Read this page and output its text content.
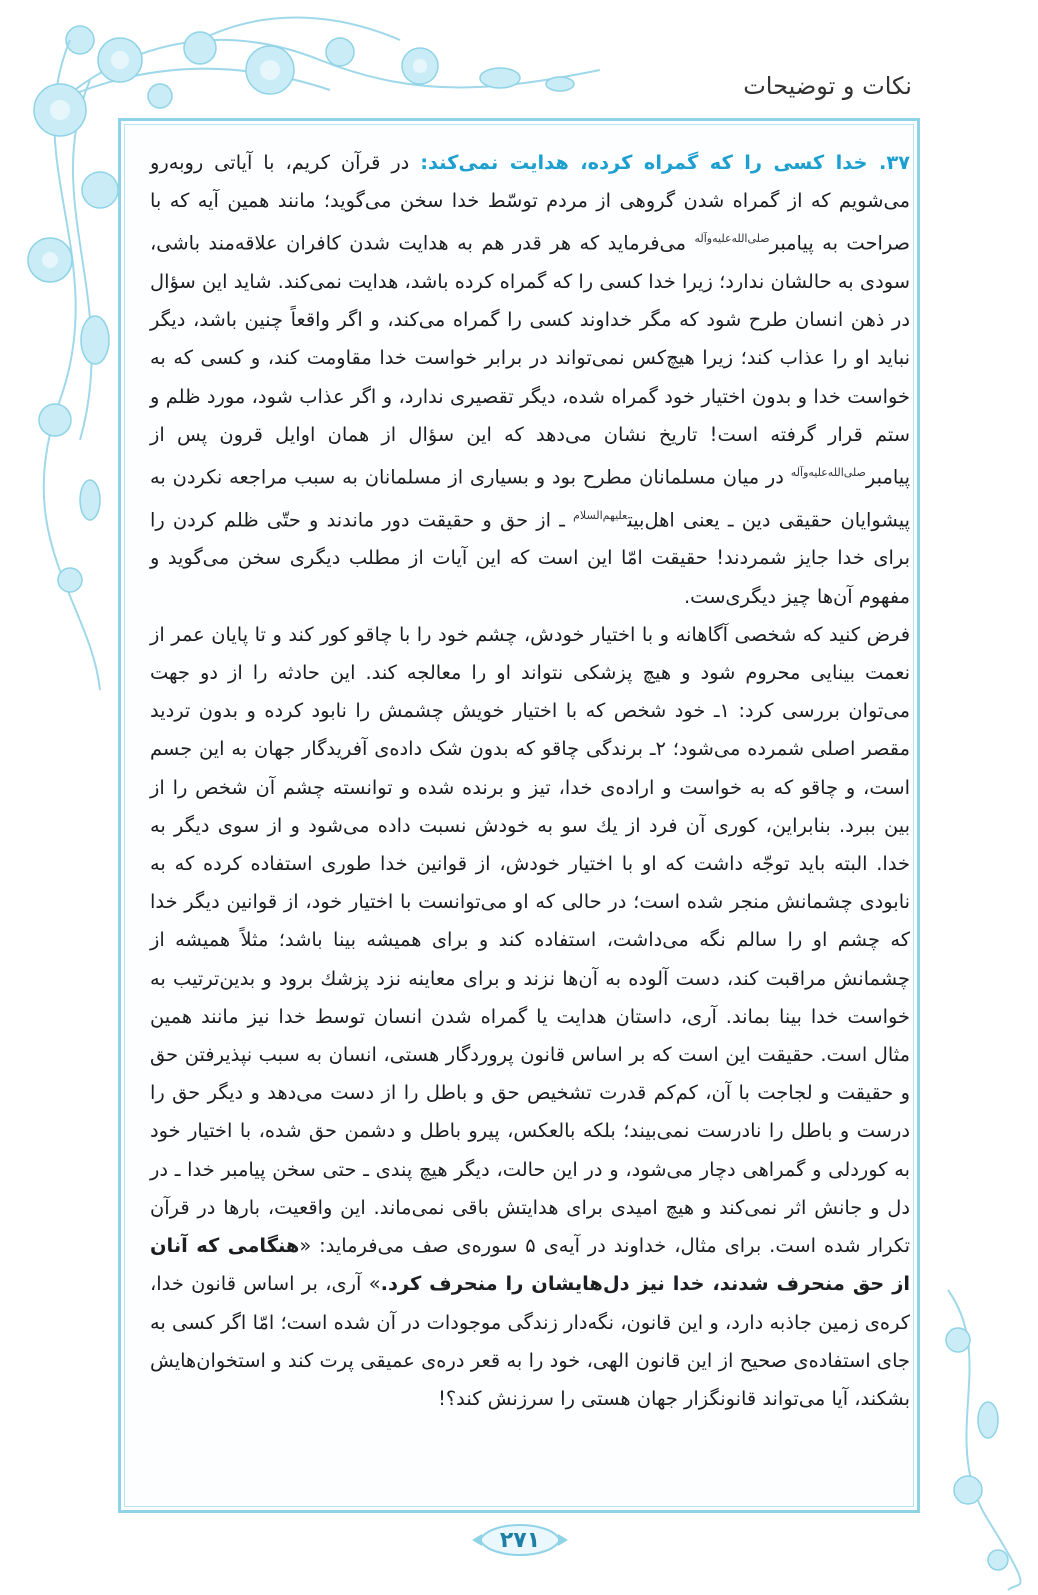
نکات و توضیحات

۳۷. خدا کسی را که گمراه کرده، هدایت نمی‌کند: در قرآن کریم، با آیاتی روبه‌رو می‌شویم که از گمراه شدن گروهی از مردم توسّط خدا سخن می‌گوید؛ مانند همین آیه که با صراحت به پیامبر$^{صلی‌الله‌علیه‌وآله}$ می‌فرماید که هر قدر هم به هدایت شدن کافران علاقه‌مند باشی، سودی به حالشان ندارد؛ زیرا خدا کسی را که گمراه کرده باشد، هدایت نمی‌کند. شاید این سؤال در ذهن انسان طرح شود که مگر خداوند کسی را گمراه می‌کند، و اگر واقعاً چنین باشد، دیگر نباید او را عذاب کند؛ زیرا هیچ‌کس نمی‌تواند در برابر خواست خدا مقاومت کند، و کسی که به خواست خدا و بدون اختیار خود گمراه شده، دیگر تقصیری ندارد، و اگر عذاب شود، مورد ظلم و ستم قرار گرفته است! تاریخ نشان می‌دهد که این سؤال از همان اوایل قرون پس از پیامبر$^{صلی‌الله‌علیه‌وآله}$ در میان مسلمانان مطرح بود و بسیاری از مسلمانان به سبب مراجعه نکردن به پیشوایان حقیقی دین ـ یعنی اهل‌بیت$^{علیهم‌السلام}$ ـ از حق و حقیقت دور ماندند و حتّی ظلم کردن را برای خدا جایز شمردند! حقیقت امّا این است که این آیات از مطلب دیگری سخن می‌گوید و مفهوم آن‌ها چیز دیگری‌ست.

فرض کنید که شخصی آگاهانه و با اختیار خودش، چشم خود را با چاقو کور کند و تا پایان عمر از نعمت بینایی محروم شود و هیچ پزشکی نتواند او را معالجه کند. این حادثه را از دو جهت می‌توان بررسی کرد: ۱ـ خود شخص که با اختیار خویش چشمش را نابود کرده و بدون تردید مقصر اصلی شمرده می‌شود؛ ۲ـ برندگی چاقو که بدون شک داده‌ی آفریدگار جهان به این جسم است، و چاقو که به خواست و اراده‌ی خدا، تیز و برنده شده و توانسته چشم آن شخص را از بین ببرد. بنابراین، کوری آن فرد از یك سو به خودش نسبت داده می‌شود و از سوی دیگر به خدا. البته باید توجّه داشت که او با اختیار خودش، از قوانین خدا طوری استفاده کرده که به نابودی چشمانش منجر شده است؛ در حالی که او می‌توانست با اختیار خود، از قوانین دیگر خدا که چشم او را سالم نگه می‌داشت، استفاده کند و برای همیشه بینا باشد؛ مثلاً همیشه از چشمانش مراقبت کند، دست آلوده به آن‌ها نزند و برای معاینه نزد پزشك برود و بدین‌ترتیب به خواست خدا بینا بماند. آری، داستان هدایت یا گمراه شدن انسان توسط خدا نیز مانند همین مثال است. حقیقت این است که بر اساس قانون پروردگار هستی، انسان به سبب نپذیرفتن حق و حقیقت و لجاجت با آن، کم‌کم قدرت تشخیص حق و باطل را از دست می‌دهد و دیگر حق را درست و باطل را نادرست نمی‌بیند؛ بلکه بالعکس، پیرو باطل و دشمن حق شده، با اختیار خود به کوردلی و گمراهی دچار می‌شود، و در این حالت، دیگر هیچ پندی ـ حتی سخن پیامبر خدا ـ در دل و جانش اثر نمی‌کند و هیچ امیدی برای هدایتش باقی نمی‌ماند. این واقعیت، بارها در قرآن تکرار شده است. برای مثال، خداوند در آیه‌ی ۵ سوره‌ی صف می‌فرماید: «هنگامی که آنان از حق منحرف شدند، خدا نیز دل‌هایشان را منحرف کرد.» آری، بر اساس قانون خدا، کره‌ی زمین جاذبه دارد، و این قانون، نگه‌دار زندگی موجودات در آن شده است؛ امّا اگر کسی به جای استفاده‌ی صحیح از این قانون الهی، خود را به قعر دره‌ی عمیقی پرت کند و استخوان‌هایش بشکند، آیا می‌تواند قانونگزار جهان هستی را سرزنش کند؟!

۲۷۱
